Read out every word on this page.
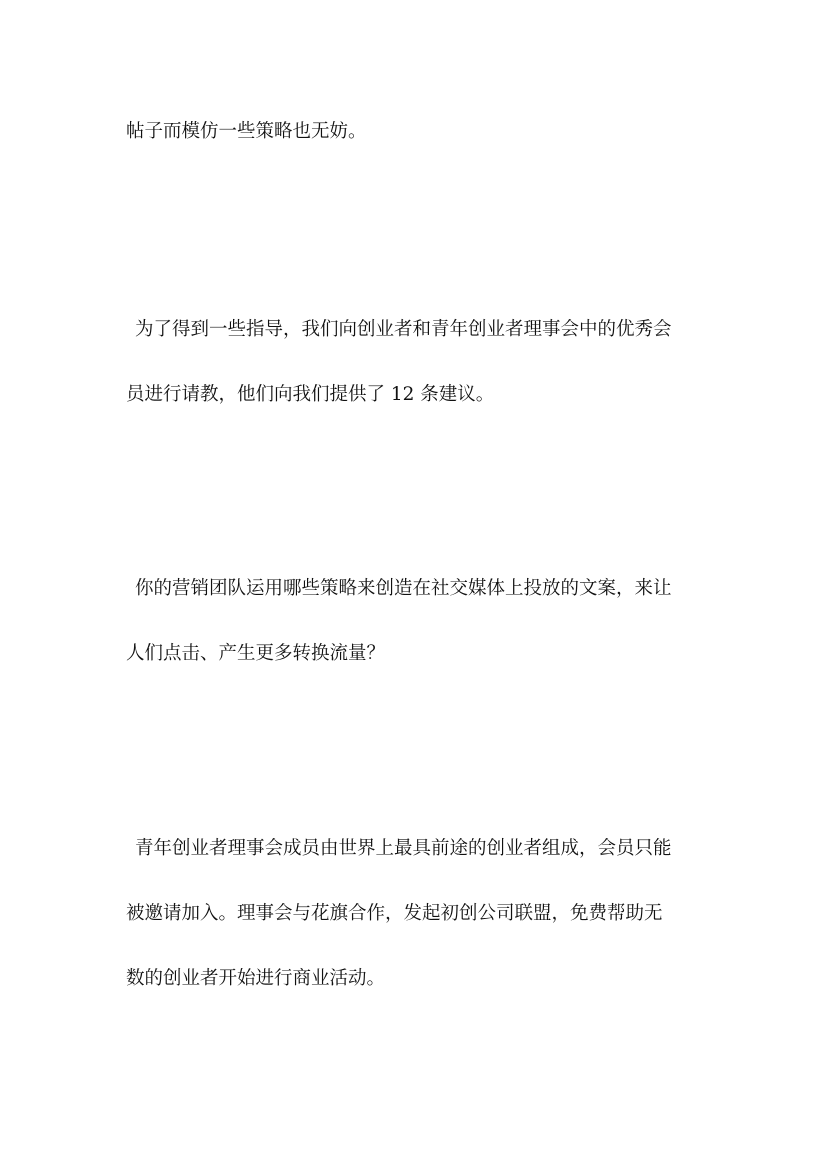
帖子而模仿一些策略也无妨。
为了得到一些指导，我们向创业者和青年创业者理事会中的优秀会
员进行请教，他们向我们提供了 12 条建议。
你的营销团队运用哪些策略来创造在社交媒体上投放的文案，来让
人们点击、产生更多转换流量？
青年创业者理事会成员由世界上最具前途的创业者组成，会员只能
被邀请加入。理事会与花旗合作，发起初创公司联盟，免费帮助无
数的创业者开始进行商业活动。
